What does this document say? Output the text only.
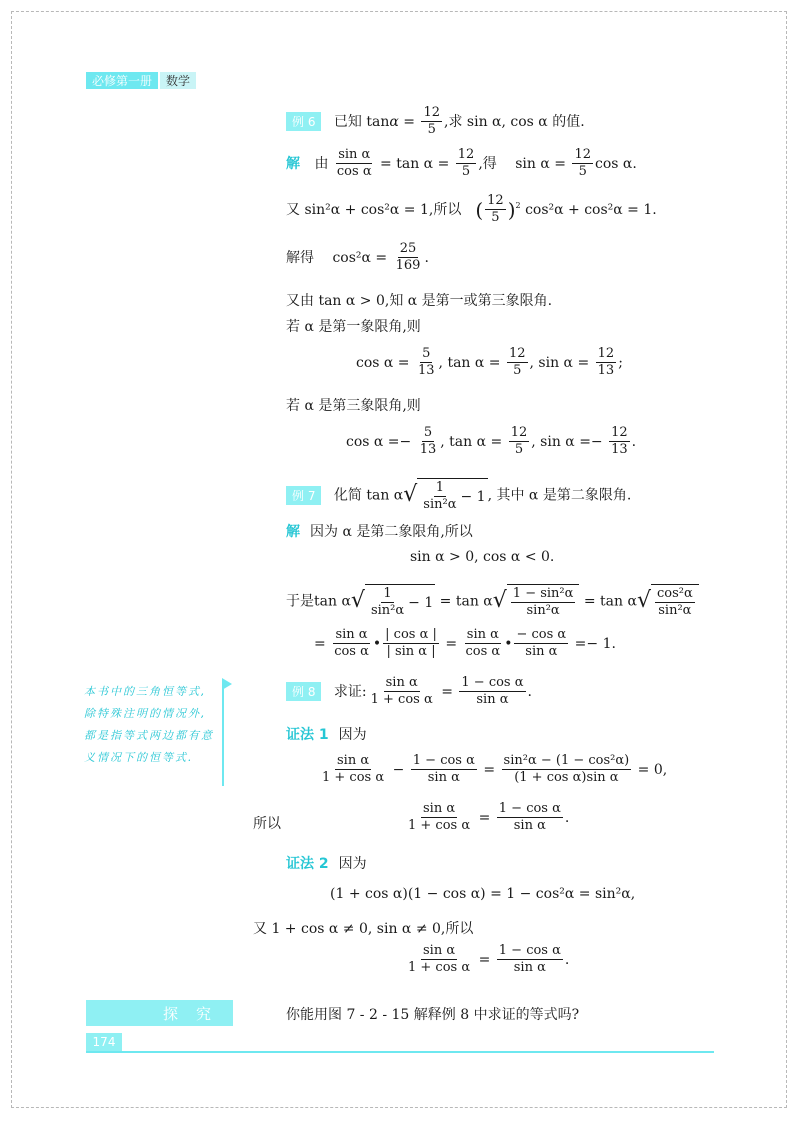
必修第一册	数学
例 6 已知 $\tan\alpha = \frac{12}{5}$ ,求 sin α, cos α 的值.
解 由 $\frac{\text{sin α}}{\text{cos α}} = \tan \alpha = \frac{12}{5}$ ,得　 $\sin \alpha = \frac{12}{5}$ cos α.
又 sin²α + cos²α = 1,所以　( $\frac{12}{5} )^2$ cos²α + cos²α = 1.
解得　 $\cos^2\alpha = \frac{25}{169}$ .
又由 tan α > 0,知 α 是第一或第三象限角.
若 α 是第一象限角,则
$\cos \alpha = \frac{5}{13}$ , $\tan \alpha = \frac{12}{5}$ , $\sin \alpha = \frac{12}{13}$ ;
若 α 是第三象限角,则
$\cos \alpha =- \frac{5}{13}$ , $\tan \alpha = \frac{12}{5}$ , $\sin \alpha =- \frac{12}{13}$ .
例 7 化简 tan α √ $\frac{1}{\text{sin²α}} - 1$ , 其中 α 是第二象限角.
解 因为 α 是第二象限角,所以
sin α > 0, cos α < 0.
于是tan α √ $\frac{1}{\text{sin²α}} - 1 = \tan \alpha$ √ $\frac{\text{1 − sin²α}}{\text{sin²α}} = \tan \alpha$ √ $\frac{\text{cos²α}}{\text{sin²α}}$
= $\frac{\text{sin α}}{\text{cos α}}$ • $\frac{\text{| cos α |}}{\text{| sin α |}} = \frac{\text{sin α}}{\text{cos α}}$ • $\frac{\text{− cos α}}{\text{sin α}} =- 1$.
本书中的三角恒等式,除特殊注明的情况外,都是指等式两边都有意义情况下的恒等式.
例 8 求证: $\frac{\text{sin α}}{\text{1 + cos α}} = \frac{\text{1 − cos α}}{\text{sin α}}$ .
证法 1 因为
$\frac{\text{sin α}}{\text{1 + cos α}} - \frac{\text{1 − cos α}}{\text{sin α}} = \frac{\text{sin²α − (1 − cos²α)}}{\text{(1 + cos α)sin α}} = 0$,
所以	$\frac{\text{sin α}}{\text{1 + cos α}} = \frac{\text{1 − cos α}}{\text{sin α}}$ .
证法 2 因为
(1 + cos α)(1 − cos α) = 1 − cos²α = sin²α,
又 1 + cos α ≠ 0, sin α ≠ 0,所以
$\frac{\text{sin α}}{\text{1 + cos α}} = \frac{\text{1 − cos α}}{\text{sin α}}$ .
探究	你能用图 7 - 2 - 15 解释例 8 中求证的等式吗?
174
